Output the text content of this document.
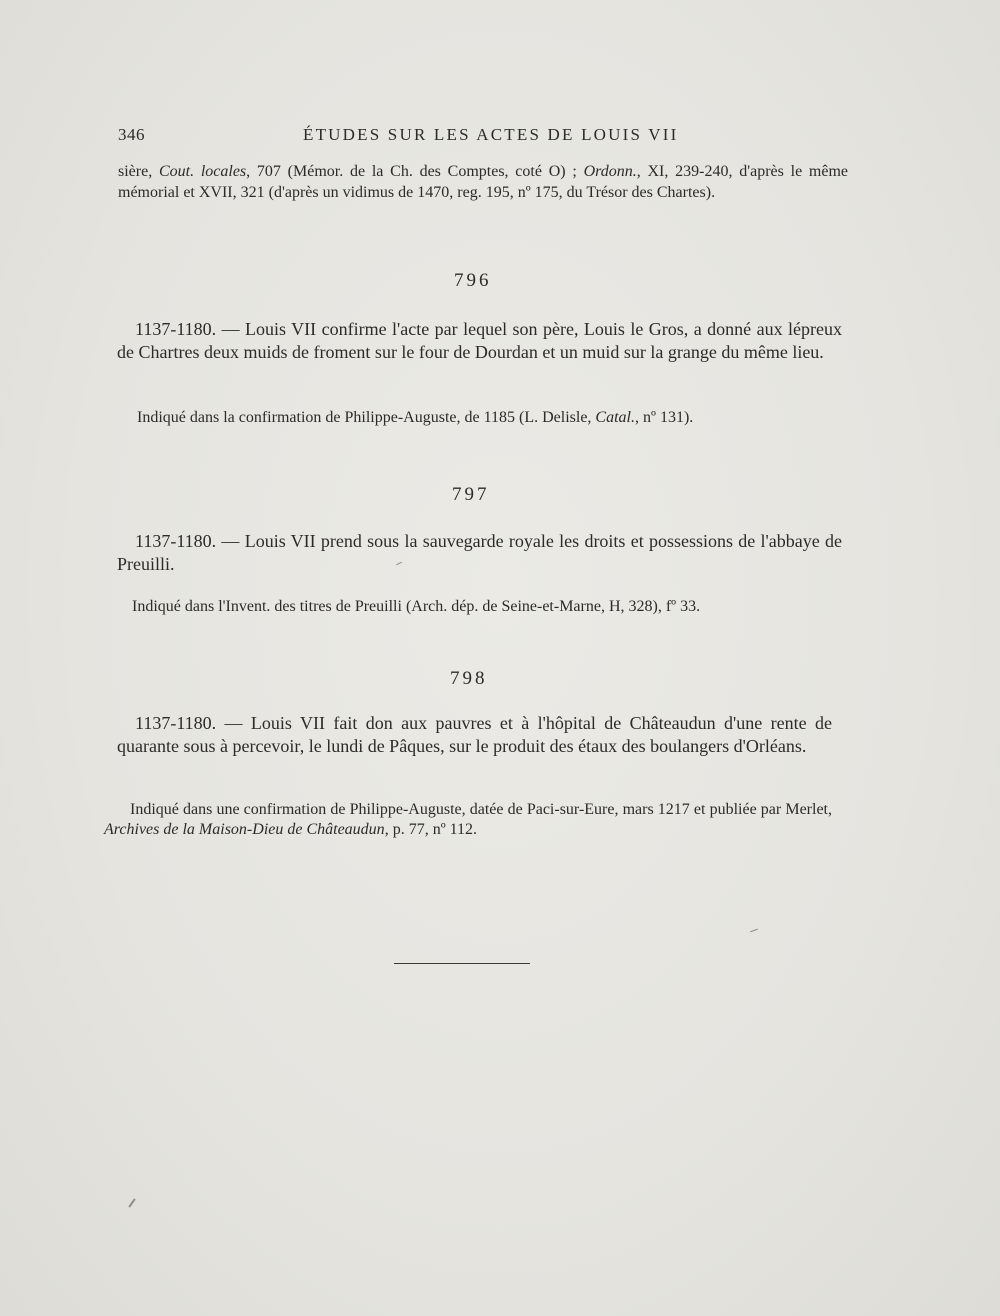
346	ÉTUDES SUR LES ACTES DE LOUIS VII
sière, Cout. locales, 707 (Mémor. de la Ch. des Comptes, coté O) ; Ordonn., XI, 239-240, d'après le même mémorial et XVII, 321 (d'après un vidimus de 1470, reg. 195, nº 175, du Trésor des Chartes).
796
1137-1180. — Louis VII confirme l'acte par lequel son père, Louis le Gros, a donné aux lépreux de Chartres deux muids de froment sur le four de Dourdan et un muid sur la grange du même lieu.
Indiqué dans la confirmation de Philippe-Auguste, de 1185 (L. Delisle, Catal., nº 131).
797
1137-1180. — Louis VII prend sous la sauvegarde royale les droits et possessions de l'abbaye de Preuilli.
Indiqué dans l'Invent. des titres de Preuilli (Arch. dép. de Seine-et-Marne, H, 328), fº 33.
798
1137-1180. — Louis VII fait don aux pauvres et à l'hôpital de Châteaudun d'une rente de quarante sous à percevoir, le lundi de Pâques, sur le produit des étaux des boulangers d'Orléans.
Indiqué dans une confirmation de Philippe-Auguste, datée de Paci-sur-Eure, mars 1217 et publiée par Merlet, Archives de la Maison-Dieu de Châteaudun, p. 77, nº 112.
